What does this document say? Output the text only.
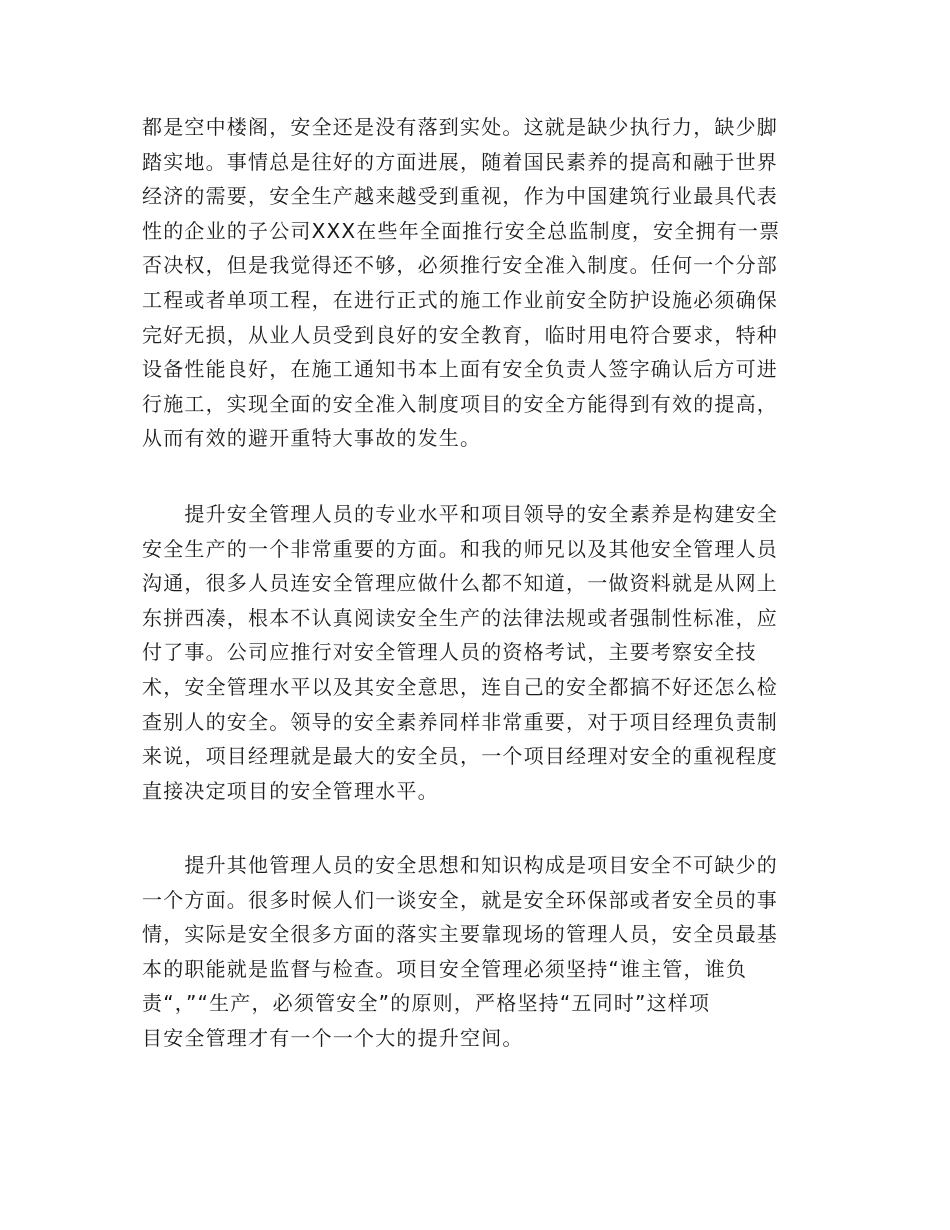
都是空中楼阁，安全还是没有落到实处。这就是缺少执行力，缺少脚
踏实地。事情总是往好的方面进展，随着国民素养的提高和融于世界
经济的需要，安全生产越来越受到重视，作为中国建筑行业最具代表
性的企业的子公司XXX在些年全面推行安全总监制度，安全拥有一票
否决权，但是我觉得还不够，必须推行安全准入制度。任何一个分部
工程或者单项工程，在进行正式的施工作业前安全防护设施必须确保
完好无损，从业人员受到良好的安全教育，临时用电符合要求，特种
设备性能良好，在施工通知书本上面有安全负责人签字确认后方可进
行施工，实现全面的安全准入制度项目的安全方能得到有效的提高，
从而有效的避开重特大事故的发生。
　　提升安全管理人员的专业水平和项目领导的安全素养是构建安全
安全生产的一个非常重要的方面。和我的师兄以及其他安全管理人员
沟通，很多人员连安全管理应做什么都不知道，一做资料就是从网上
东拼西凑，根本不认真阅读安全生产的法律法规或者强制性标准，应
付了事。公司应推行对安全管理人员的资格考试，主要考察安全技
术，安全管理水平以及其安全意思，连自己的安全都搞不好还怎么检
查别人的安全。领导的安全素养同样非常重要，对于项目经理负责制
来说，项目经理就是最大的安全员，一个项目经理对安全的重视程度
直接决定项目的安全管理水平。
　　提升其他管理人员的安全思想和知识构成是项目安全不可缺少的
一个方面。很多时候人们一谈安全，就是安全环保部或者安全员的事
情，实际是安全很多方面的落实主要靠现场的管理人员，安全员最基
本的职能就是监督与检查。项目安全管理必须坚持“谁主管，谁负
责“，”“生产，必须管安全”的原则，严格坚持“五同时”这样项
目安全管理才有一个一个大的提升空间。
